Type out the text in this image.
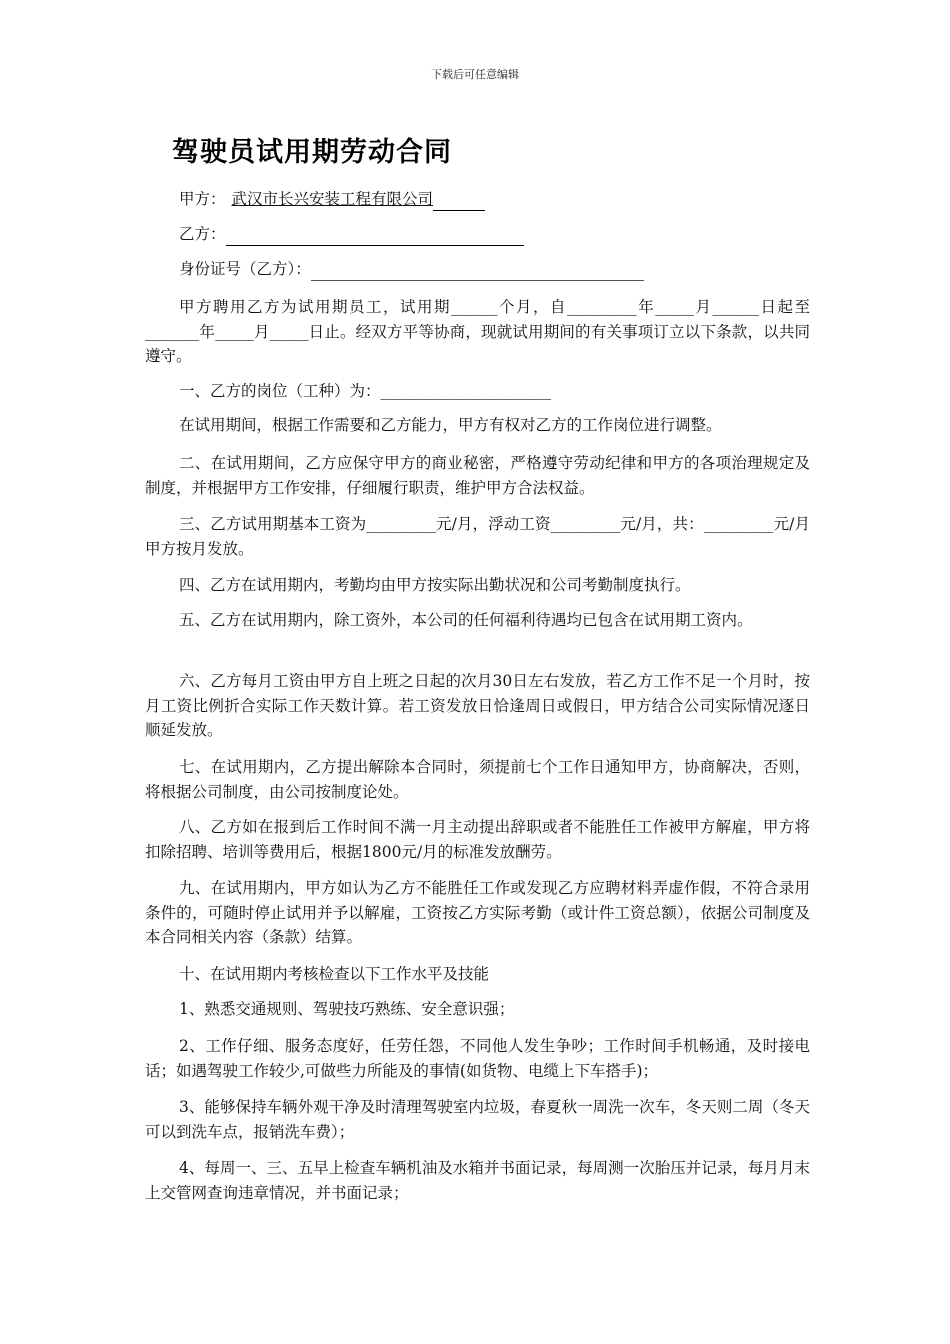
下载后可任意编辑
驾驶员试用期劳动合同
甲方： 武汉市长兴安装工程有限公司
乙方：
身份证号（乙方）：
甲方聘用乙方为试用期员工，试用期______个月，自_________年_____月______日起至_______年_____月_____日止。经双方平等协商，现就试用期间的有关事项订立以下条款，以共同遵守。
一、乙方的岗位（工种）为：______________________
在试用期间，根据工作需要和乙方能力，甲方有权对乙方的工作岗位进行调整。
二、在试用期间，乙方应保守甲方的商业秘密，严格遵守劳动纪律和甲方的各项治理规定及制度，并根据甲方工作安排，仔细履行职责，维护甲方合法权益。
三、乙方试用期基本工资为_________元/月，浮动工资_________元/月，共：_________元/月甲方按月发放。
四、乙方在试用期内，考勤均由甲方按实际出勤状况和公司考勤制度执行。
五、乙方在试用期内，除工资外，本公司的任何福利待遇均已包含在试用期工资内。
六、乙方每月工资由甲方自上班之日起的次月30日左右发放，若乙方工作不足一个月时，按月工资比例折合实际工作天数计算。若工资发放日恰逢周日或假日，甲方结合公司实际情况逐日顺延发放。
七、在试用期内，乙方提出解除本合同时，须提前七个工作日通知甲方，协商解决，否则，将根据公司制度，由公司按制度论处。
八、乙方如在报到后工作时间不满一月主动提出辞职或者不能胜任工作被甲方解雇，甲方将扣除招聘、培训等费用后，根据1800元/月的标准发放酬劳。
九、在试用期内，甲方如认为乙方不能胜任工作或发现乙方应聘材料弄虚作假，不符合录用条件的，可随时停止试用并予以解雇，工资按乙方实际考勤（或计件工资总额），依据公司制度及本合同相关内容（条款）结算。
十、在试用期内考核检查以下工作水平及技能
1、熟悉交通规则、驾驶技巧熟练、安全意识强；
2、工作仔细、服务态度好，任劳任怨，不同他人发生争吵；工作时间手机畅通，及时接电话；如遇驾驶工作较少,可做些力所能及的事情(如货物、电缆上下车搭手)；
3、能够保持车辆外观干净及时清理驾驶室内垃圾，春夏秋一周洗一次车，冬天则二周（冬天可以到洗车点，报销洗车费）；
4、每周一、三、五早上检查车辆机油及水箱并书面记录，每周测一次胎压并记录，每月月末上交管网查询违章情况，并书面记录；
